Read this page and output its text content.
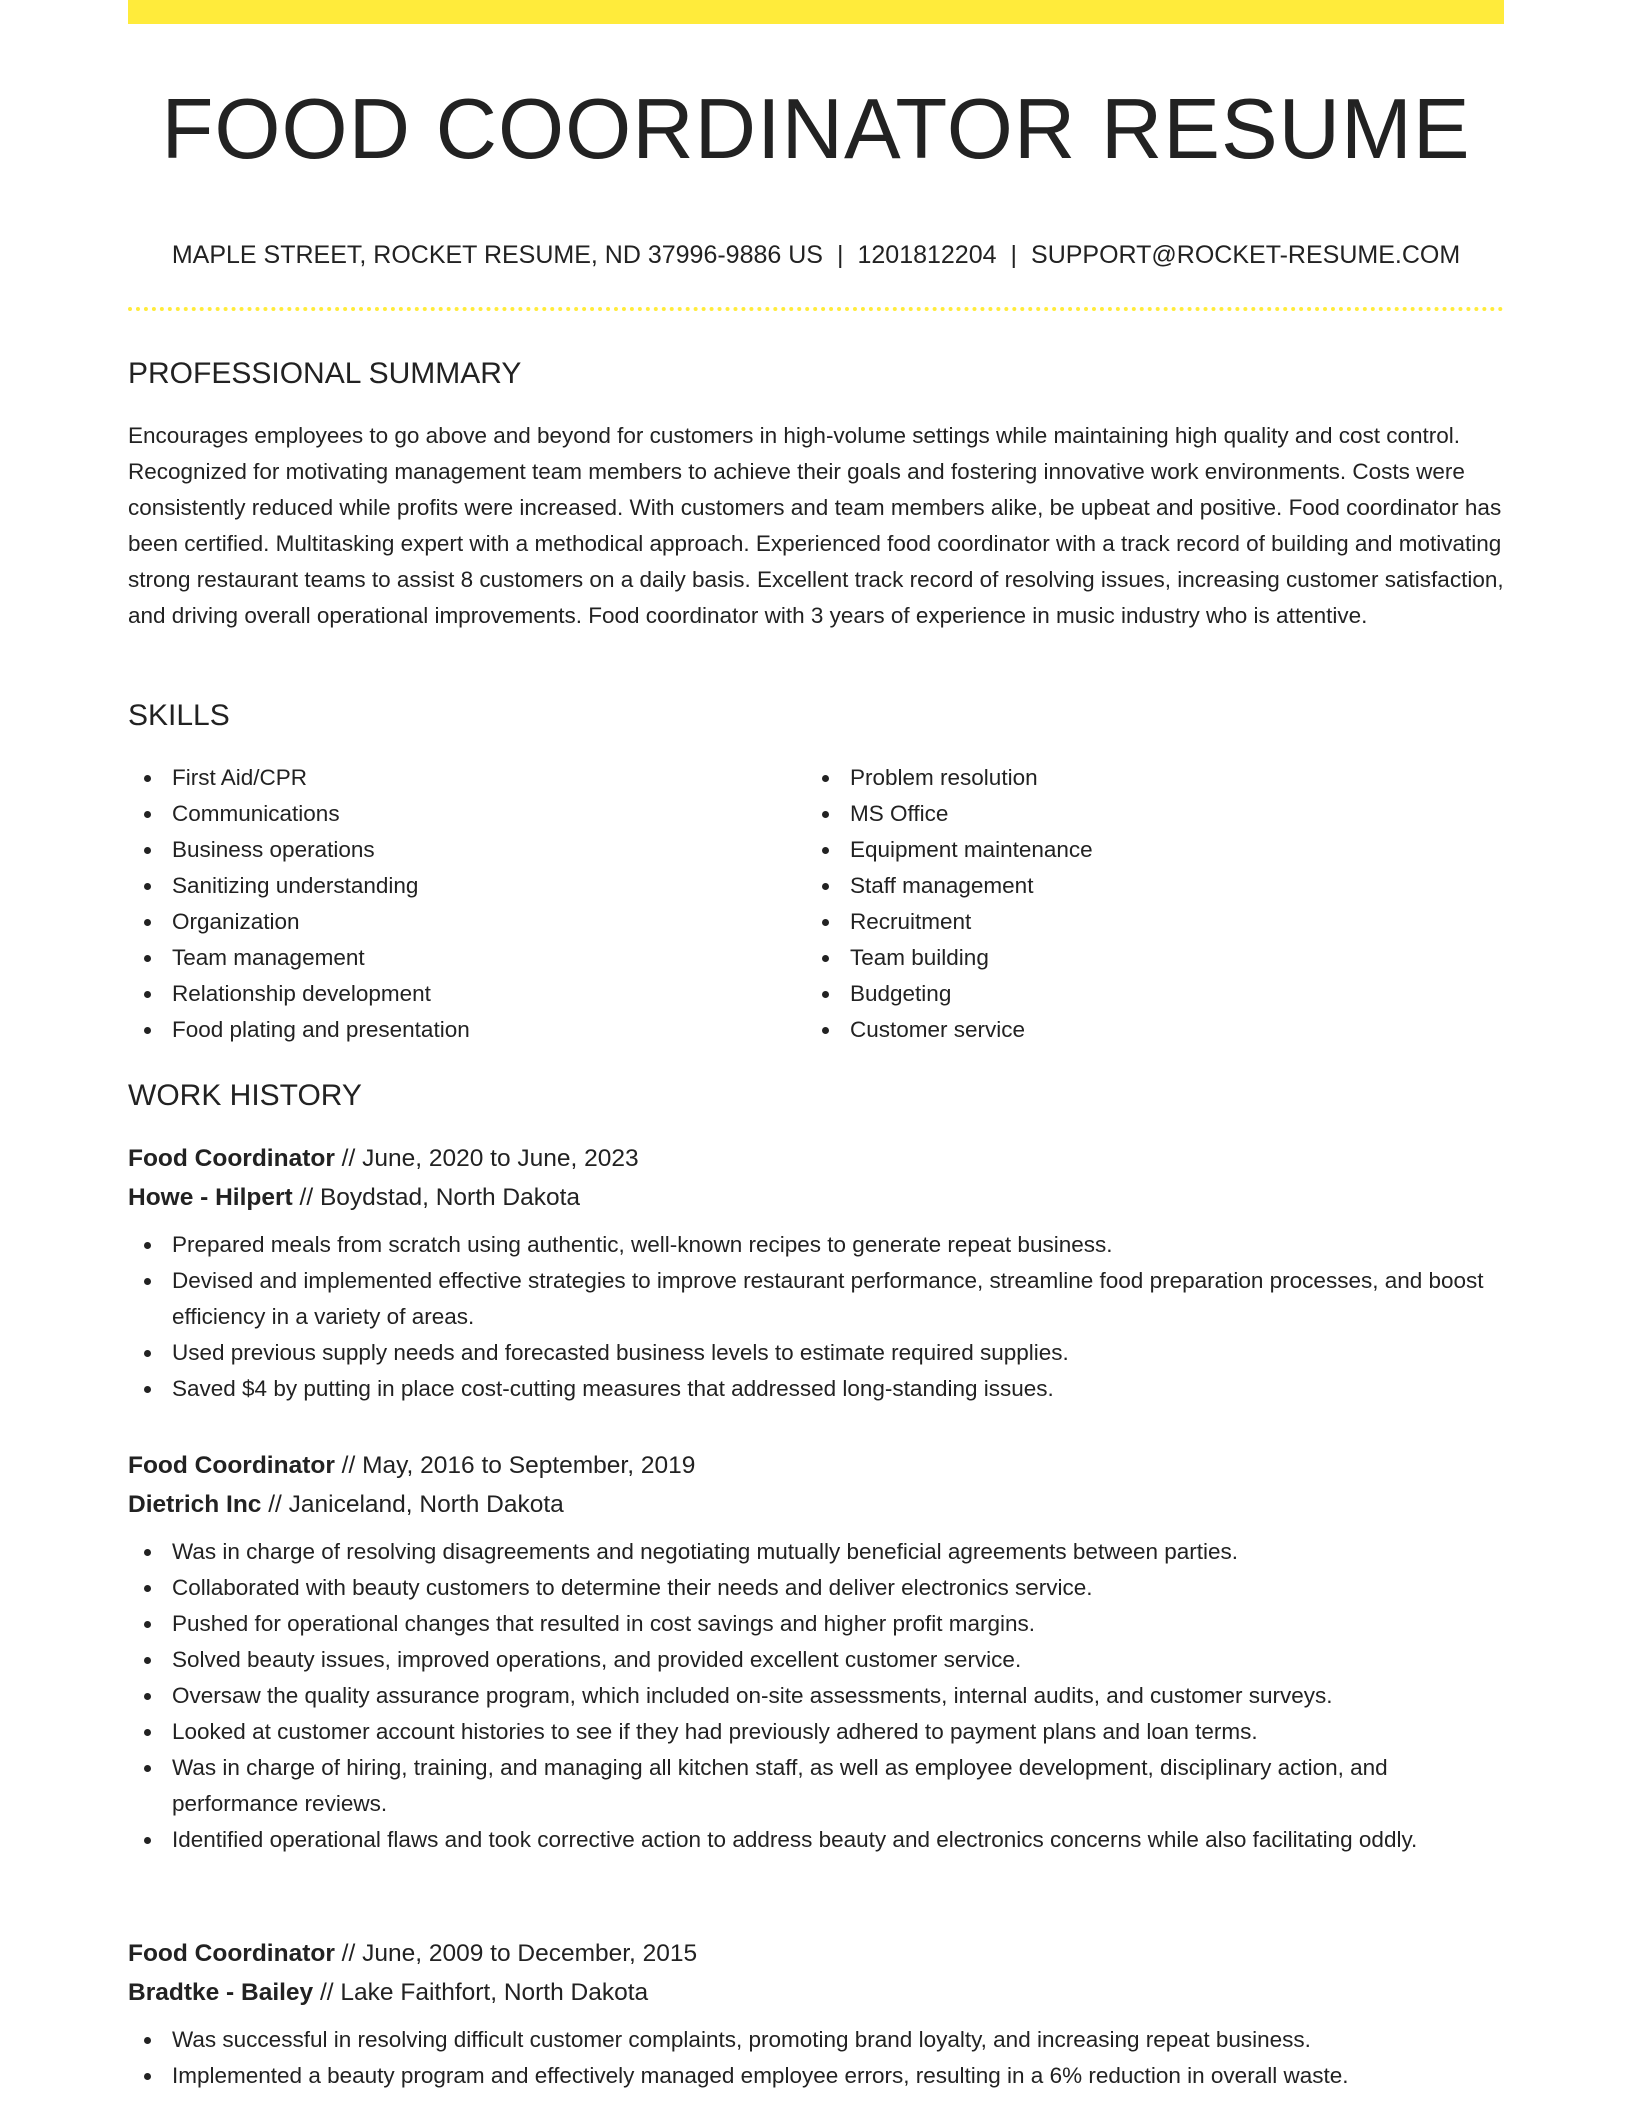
FOOD COORDINATOR RESUME
MAPLE STREET, ROCKET RESUME, ND 37996-9886 US | 1201812204 | SUPPORT@ROCKET-RESUME.COM
PROFESSIONAL SUMMARY

Encourages employees to go above and beyond for customers in high-volume settings while maintaining high quality and cost control. Recognized for motivating management team members to achieve their goals and fostering innovative work environments. Costs were consistently reduced while profits were increased. With customers and team members alike, be upbeat and positive. Food coordinator has been certified. Multitasking expert with a methodical approach. Experienced food coordinator with a track record of building and motivating strong restaurant teams to assist 8 customers on a daily basis. Excellent track record of resolving issues, increasing customer satisfaction, and driving overall operational improvements. Food coordinator with 3 years of experience in music industry who is attentive.

SKILLS
First Aid/CPR
Communications
Business operations
Sanitizing understanding
Organization
Team management
Relationship development
Food plating and presentation
Problem resolution
MS Office
Equipment maintenance
Staff management
Recruitment
Team building
Budgeting
Customer service
WORK HISTORY
Food Coordinator // June, 2020 to June, 2023
Howe - Hilpert // Boydstad, North Dakota
Prepared meals from scratch using authentic, well-known recipes to generate repeat business.
Devised and implemented effective strategies to improve restaurant performance, streamline food preparation processes, and boost efficiency in a variety of areas.
Used previous supply needs and forecasted business levels to estimate required supplies.
Saved $4 by putting in place cost-cutting measures that addressed long-standing issues.
Food Coordinator // May, 2016 to September, 2019
Dietrich Inc // Janiceland, North Dakota
Was in charge of resolving disagreements and negotiating mutually beneficial agreements between parties.
Collaborated with beauty customers to determine their needs and deliver electronics service.
Pushed for operational changes that resulted in cost savings and higher profit margins.
Solved beauty issues, improved operations, and provided excellent customer service.
Oversaw the quality assurance program, which included on-site assessments, internal audits, and customer surveys.
Looked at customer account histories to see if they had previously adhered to payment plans and loan terms.
Was in charge of hiring, training, and managing all kitchen staff, as well as employee development, disciplinary action, and performance reviews.
Identified operational flaws and took corrective action to address beauty and electronics concerns while also facilitating oddly.
Food Coordinator // June, 2009 to December, 2015
Bradtke - Bailey // Lake Faithfort, North Dakota
Was successful in resolving difficult customer complaints, promoting brand loyalty, and increasing repeat business.
Implemented a beauty program and effectively managed employee errors, resulting in a 6% reduction in overall waste.
